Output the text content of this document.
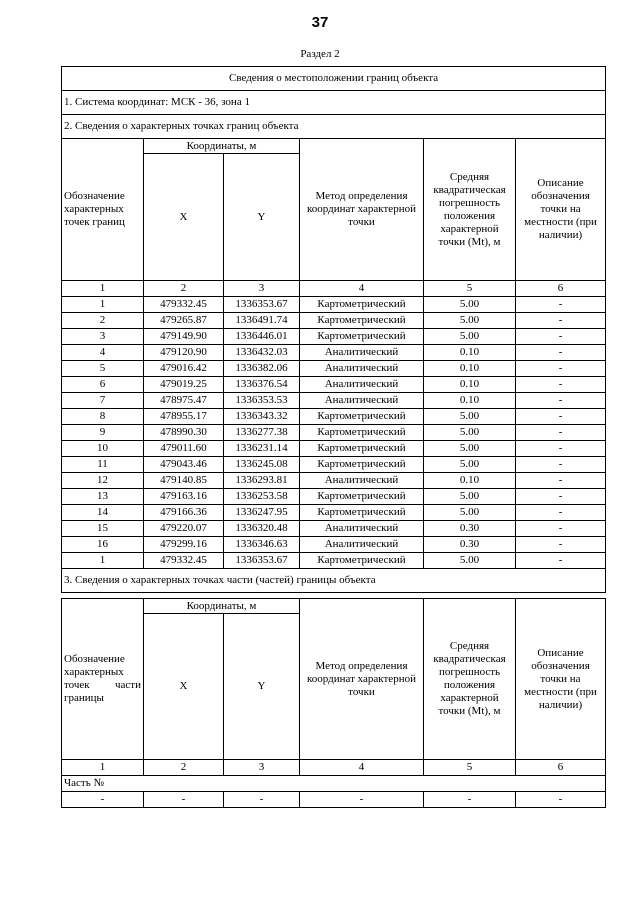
37
Раздел 2
Сведения о местоположении границ объекта					
1. Система координат: МСК - 36, зона 1					
2. Сведения о характерных точках границ объекта					
Обозначение характерных точек границ	Координаты, м		Метод определения координат характерной точки	Средняя квадратическая погрешность положения характерной точки (Mt), м	Описание обозначения точки на местности (при наличии)
	X	Y			
1	2	3	4	5	6
1	479332.45	1336353.67	Картометрический	5.00	-
2	479265.87	1336491.74	Картометрический	5.00	-
3	479149.90	1336446.01	Картометрический	5.00	-
4	479120.90	1336432.03	Аналитический	0.10	-
5	479016.42	1336382.06	Аналитический	0.10	-
6	479019.25	1336376.54	Аналитический	0.10	-
7	478975.47	1336353.53	Аналитический	0.10	-
8	478955.17	1336343.32	Картометрический	5.00	-
9	478990.30	1336277.38	Картометрический	5.00	-
10	479011.60	1336231.14	Картометрический	5.00	-
11	479043.46	1336245.08	Картометрический	5.00	-
12	479140.85	1336293.81	Аналитический	0.10	-
13	479163.16	1336253.58	Картометрический	5.00	-
14	479166.36	1336247.95	Картометрический	5.00	-
15	479220.07	1336320.48	Аналитический	0.30	-
16	479299.16	1336346.63	Аналитический	0.30	-
1	479332.45	1336353.67	Картометрический	5.00	-
3. Сведения о характерных точках части (частей) границы объекта					
Обозначение характерных точек части границы	Координаты, м		Метод определения координат характерной точки	Средняя квадратическая погрешность положения характерной точки (Mt), м	Описание обозначения точки на местности (при наличии)
	X	Y			
1	2	3	4	5	6
Часть №					
-	-	-	-	-	-
